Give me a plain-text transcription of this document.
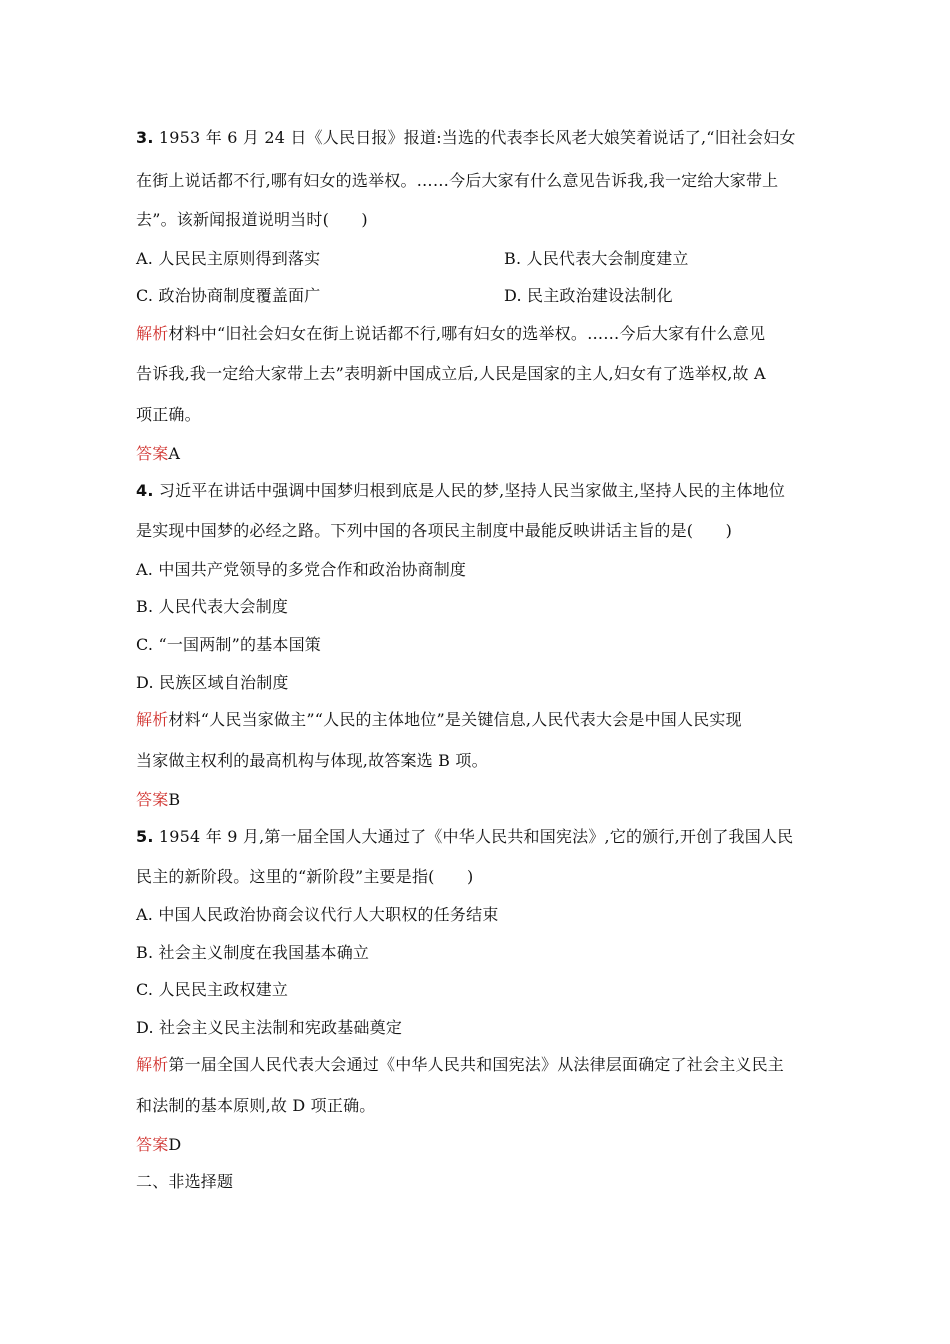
3. 1953 年 6 月 24 日《人民日报》报道:当选的代表李长风老大娘笑着说话了,“旧社会妇女
在街上说话都不行,哪有妇女的选举权。……今后大家有什么意见告诉我,我一定给大家带上
去”。该新闻报道说明当时(　　)
A. 人民民主原则得到落实	B. 人民代表大会制度建立
C. 政治协商制度覆盖面广	D. 民主政治建设法制化
解析材料中“旧社会妇女在街上说话都不行,哪有妇女的选举权。……今后大家有什么意见
告诉我,我一定给大家带上去”表明新中国成立后,人民是国家的主人,妇女有了选举权,故 A
项正确。
答案A
4. 习近平在讲话中强调中国梦归根到底是人民的梦,坚持人民当家做主,坚持人民的主体地位
是实现中国梦的必经之路。下列中国的各项民主制度中最能反映讲话主旨的是(　　)
A. 中国共产党领导的多党合作和政治协商制度
B. 人民代表大会制度
C. “一国两制”的基本国策
D. 民族区域自治制度
解析材料“人民当家做主”“人民的主体地位”是关键信息,人民代表大会是中国人民实现
当家做主权利的最高机构与体现,故答案选 B 项。
答案B
5. 1954 年 9 月,第一届全国人大通过了《中华人民共和国宪法》,它的颁行,开创了我国人民
民主的新阶段。这里的“新阶段”主要是指(　　)
A. 中国人民政治协商会议代行人大职权的任务结束
B. 社会主义制度在我国基本确立
C. 人民民主政权建立
D. 社会主义民主法制和宪政基础奠定
解析第一届全国人民代表大会通过《中华人民共和国宪法》从法律层面确定了社会主义民主
和法制的基本原则,故 D 项正确。
答案D
二、非选择题
